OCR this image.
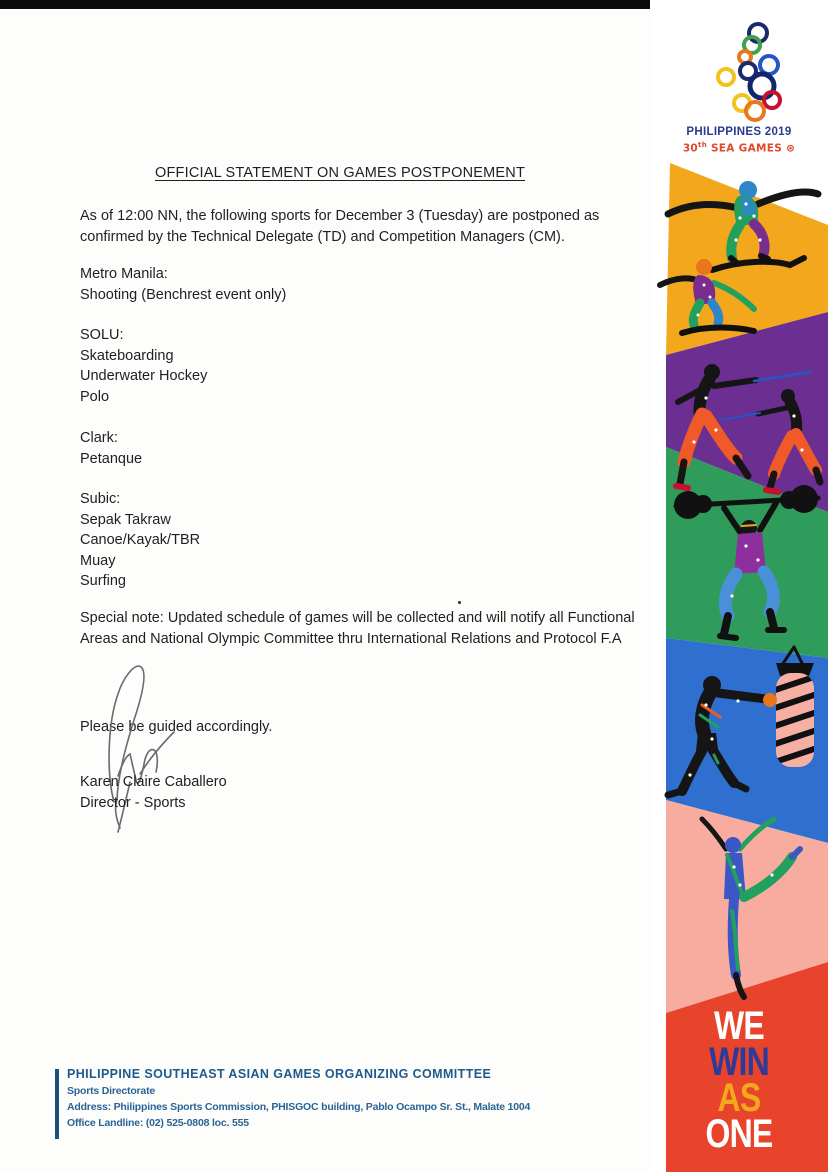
OFFICIAL STATEMENT ON GAMES POSTPONEMENT
As of 12:00 NN, the following sports for December 3 (Tuesday) are postponed as confirmed by the Technical Delegate (TD) and Competition Managers (CM).
Metro Manila:
Shooting (Benchrest event only)
SOLU:
Skateboarding
Underwater Hockey
Polo
Clark:
Petanque
Subic:
Sepak Takraw
Canoe/Kayak/TBR
Muay
Surfing
Special note: Updated schedule of games will be collected and will notify all Functional Areas and National Olympic Committee thru International Relations and Protocol F.A
Please be guided accordingly.
Karen Claire Caballero
Director - Sports
PHILIPPINE SOUTHEAST ASIAN GAMES ORGANIZING COMMITTEE
Sports Directorate
Address: Philippines Sports Commission, PHISGOC building, Pablo Ocampo Sr. St., Malate 1004
Office Landline: (02) 525-0808 loc. 555
PHILIPPINES 2019
30th SEA GAMES ⊛
WE
WIN
AS
ONE
